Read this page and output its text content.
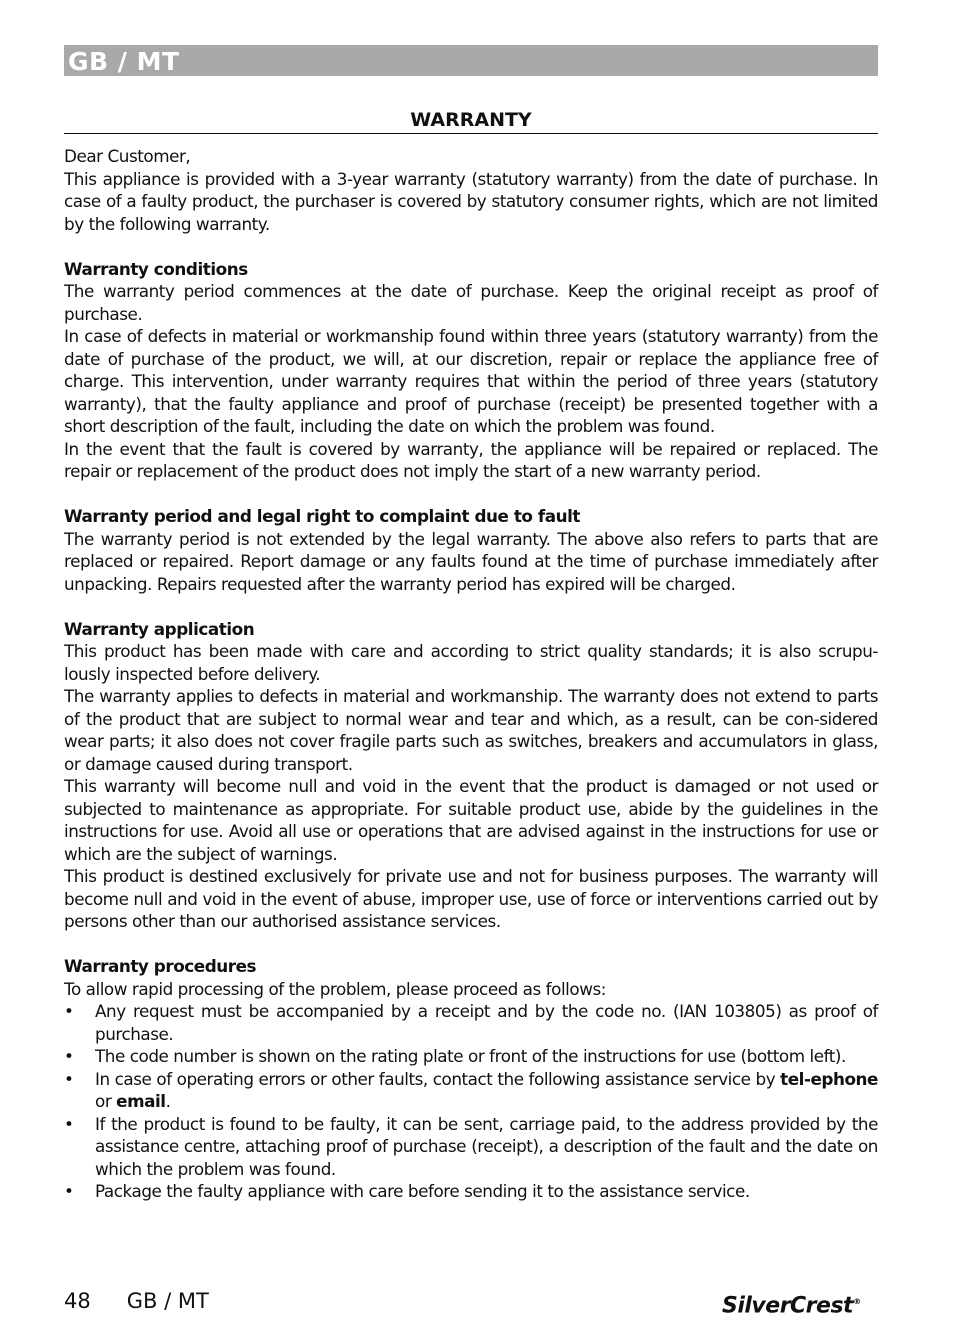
GB / MT
WARRANTY

Dear Customer,

This appliance is provided with a 3-year warranty (statutory warranty) from the date of purchase. In case of a faulty product, the purchaser is covered by statutory consumer rights, which are not limited by the following warranty.

Warranty conditions

The warranty period commences at the date of purchase. Keep the original receipt as proof of purchase.

In case of defects in material or workmanship found within three years (statutory warranty) from the date of purchase of the product, we will, at our discretion, repair or replace the appliance free of charge. This intervention, under warranty requires that within the period of three years (statutory warranty), that the faulty appliance and proof of purchase (receipt) be presented together with a short description of the fault, including the date on which the problem was found.

In the event that the fault is covered by warranty, the appliance will be repaired or replaced. The repair or replacement of the product does not imply the start of a new warranty period.

Warranty period and legal right to complaint due to fault

The warranty period is not extended by the legal warranty. The above also refers to parts that are replaced or repaired. Report damage or any faults found at the time of purchase immediately after unpacking. Repairs requested after the warranty period has expired will be charged.

Warranty application

This product has been made with care and according to strict quality standards; it is also scrupu-lously inspected before delivery.

The warranty applies to defects in material and workmanship. The warranty does not extend to parts of the product that are subject to normal wear and tear and which, as a result, can be con-sidered wear parts; it also does not cover fragile parts such as switches, breakers and accumulators in glass, or damage caused during transport.

This warranty will become null and void in the event that the product is damaged or not used or subjected to maintenance as appropriate. For suitable product use, abide by the guidelines in the instructions for use. Avoid all use or operations that are advised against in the instructions for use or which are the subject of warnings.

This product is destined exclusively for private use and not for business purposes. The warranty will become null and void in the event of abuse, improper use, use of force or interventions carried out by persons other than our authorised assistance services.

Warranty procedures

To allow rapid processing of the problem, please proceed as follows:

• Any request must be accompanied by a receipt and by the code no. (IAN 103805) as proof of purchase.
• The code number is shown on the rating plate or front of the instructions for use (bottom left).
• In case of operating errors or other faults, contact the following assistance service by tel-ephone or email.
• If the product is found to be faulty, it can be sent, carriage paid, to the address provided by the assistance centre, attaching proof of purchase (receipt), a description of the fault and the date on which the problem was found.
• Package the faulty appliance with care before sending it to the assistance service.
48 GB / MT	SilverCrest®
